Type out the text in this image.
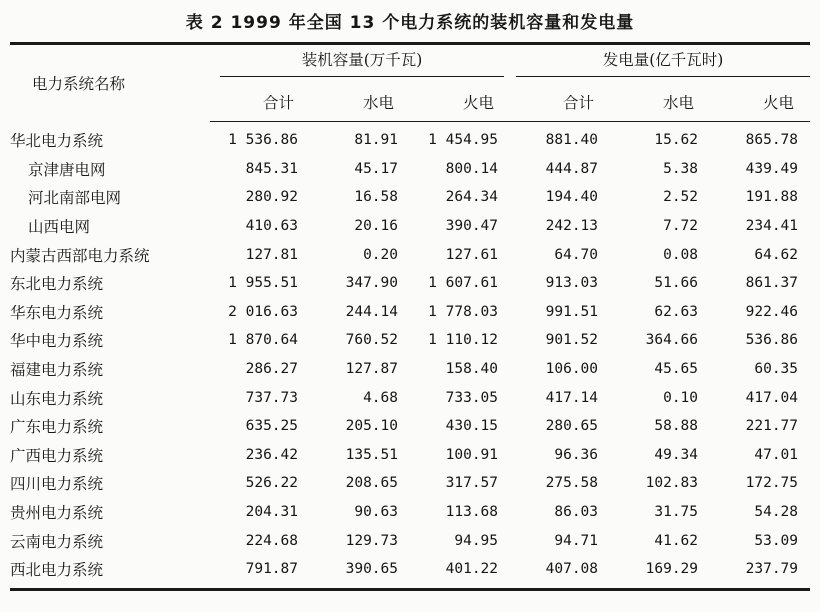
表 2 1999 年全国 13 个电力系统的装机容量和发电量
电力系统名称	装机容量(万千瓦)			发电量(亿千瓦时)		

	合计	水电	火电	合计	水电	火电
华北电力系统	1 536.86	81.91	1 454.95	881.40	15.62	865.78
京津唐电网	845.31	45.17	800.14	444.87	5.38	439.49
河北南部电网	280.92	16.58	264.34	194.40	2.52	191.88
山西电网	410.63	20.16	390.47	242.13	7.72	234.41
内蒙古西部电力系统	127.81	0.20	127.61	64.70	0.08	64.62
东北电力系统	1 955.51	347.90	1 607.61	913.03	51.66	861.37
华东电力系统	2 016.63	244.14	1 778.03	991.51	62.63	922.46
华中电力系统	1 870.64	760.52	1 110.12	901.52	364.66	536.86
福建电力系统	286.27	127.87	158.40	106.00	45.65	60.35
山东电力系统	737.73	4.68	733.05	417.14	0.10	417.04
广东电力系统	635.25	205.10	430.15	280.65	58.88	221.77
广西电力系统	236.42	135.51	100.91	96.36	49.34	47.01
四川电力系统	526.22	208.65	317.57	275.58	102.83	172.75
贵州电力系统	204.31	90.63	113.68	86.03	31.75	54.28
云南电力系统	224.68	129.73	94.95	94.71	41.62	53.09
西北电力系统	791.87	390.65	401.22	407.08	169.29	237.79
